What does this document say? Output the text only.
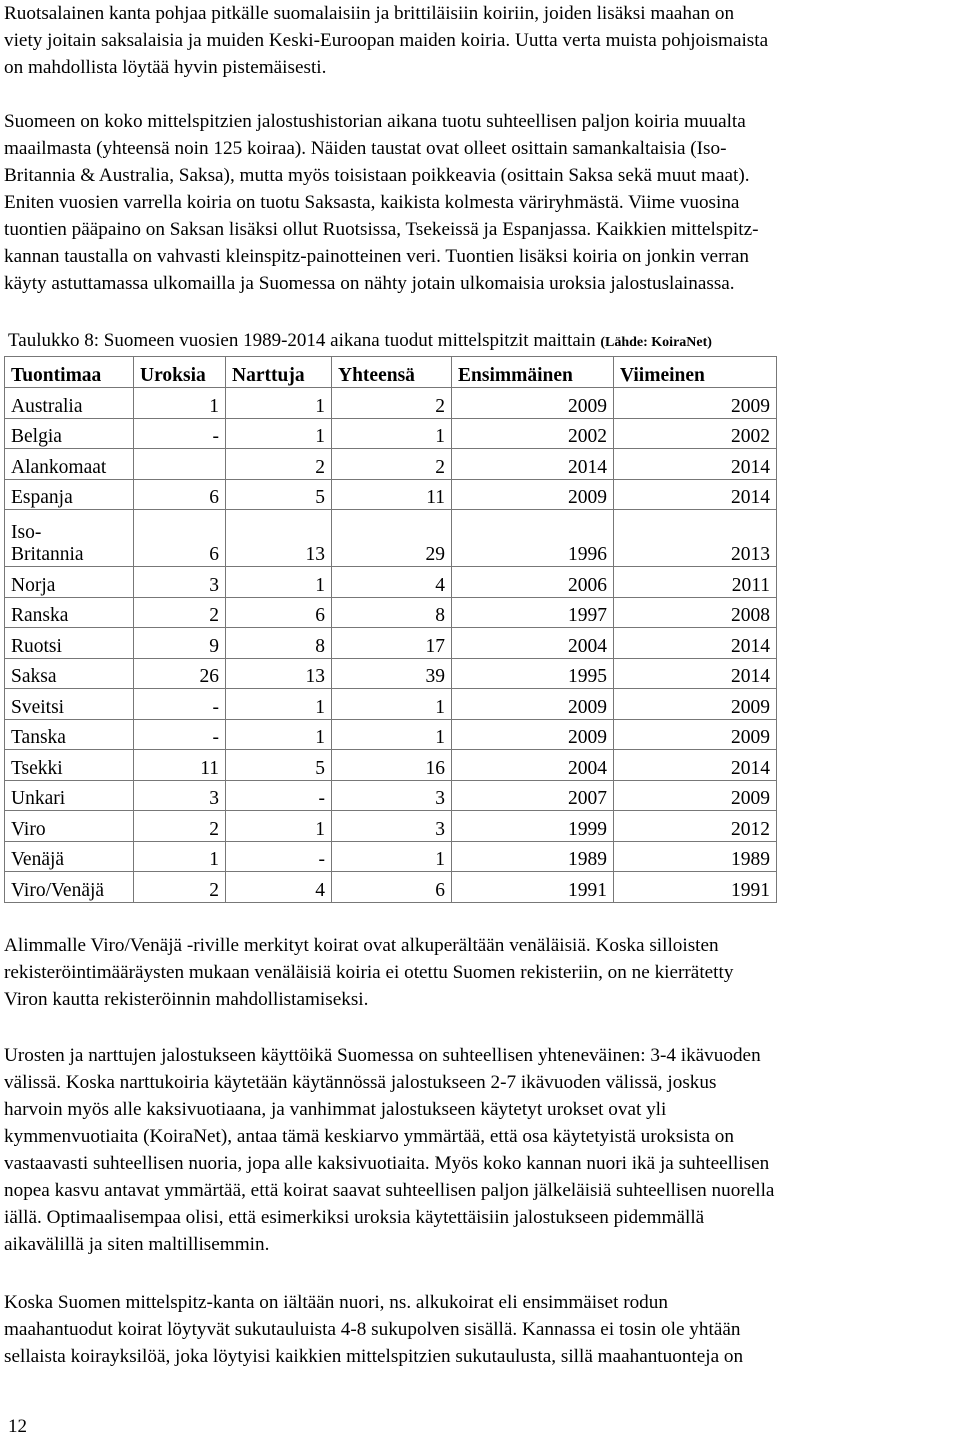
Ruotsalainen kanta pohjaa pitkälle suomalaisiin ja brittiläisiin koiriin, joiden lisäksi maahan on
viety joitain saksalaisia ja muiden Keski-Euroopan maiden koiria. Uutta verta muista pohjoismaista
on mahdollista löytää hyvin pistemäisesti.
Suomeen on koko mittelspitzien jalostushistorian aikana tuotu suhteellisen paljon koiria muualta
maailmasta (yhteensä noin 125 koiraa). Näiden taustat ovat olleet osittain samankaltaisia (Iso-
Britannia & Australia, Saksa), mutta myös toisistaan poikkeavia (osittain Saksa sekä muut maat).
Eniten vuosien varrella koiria on tuotu Saksasta, kaikista kolmesta väriryhmästä. Viime vuosina
tuontien pääpaino on Saksan lisäksi ollut Ruotsissa, Tsekeissä ja Espanjassa. Kaikkien mittelspitz-
kannan taustalla on vahvasti kleinspitz-painotteinen veri. Tuontien lisäksi koiria on jonkin verran
käyty astuttamassa ulkomailla ja Suomessa on nähty jotain ulkomaisia uroksia jalostuslainassa.

Taulukko 8: Suomeen vuosien 1989-2014 aikana tuodut mittelspitzit maittain (Lähde: KoiraNet)

Tuontimaa	Uroksia	Narttuja	Yhteensä	Ensimmäinen	Viimeinen
Australia	1	1	2	2009	2009
Belgia	-	1	1	2002	2002
Alankomaat		2	2	2014	2014
Espanja	6	5	11	2009	2014
Iso-
Britannia	6	13	29	1996	2013
Norja	3	1	4	2006	2011
Ranska	2	6	8	1997	2008
Ruotsi	9	8	17	2004	2014
Saksa	26	13	39	1995	2014
Sveitsi	-	1	1	2009	2009
Tanska	-	1	1	2009	2009
Tsekki	11	5	16	2004	2014
Unkari	3	-	3	2007	2009
Viro	2	1	3	1999	2012
Venäjä	1	-	1	1989	1989
Viro/Venäjä	2	4	6	1991	1991
Alimmalle Viro/Venäjä -riville merkityt koirat ovat alkuperältään venäläisiä. Koska silloisten
rekisteröintimääräysten mukaan venäläisiä koiria ei otettu Suomen rekisteriin, on ne kierrätetty
Viron kautta rekisteröinnin mahdollistamiseksi.
Urosten ja narttujen jalostukseen käyttöikä Suomessa on suhteellisen yhteneväinen: 3-4 ikävuoden
välissä. Koska narttukoiria käytetään käytännössä jalostukseen 2-7 ikävuoden välissä, joskus
harvoin myös alle kaksivuotiaana, ja vanhimmat jalostukseen käytetyt urokset ovat yli
kymmenvuotiaita (KoiraNet), antaa tämä keskiarvo ymmärtää, että osa käytetyistä uroksista on
vastaavasti suhteellisen nuoria, jopa alle kaksivuotiaita. Myös koko kannan nuori ikä ja suhteellisen
nopea kasvu antavat ymmärtää, että koirat saavat suhteellisen paljon jälkeläisiä suhteellisen nuorella
iällä. Optimaalisempaa olisi, että esimerkiksi uroksia käytettäisiin jalostukseen pidemmällä
aikavälillä ja siten maltillisemmin.
Koska Suomen mittelspitz-kanta on iältään nuori, ns. alkukoirat eli ensimmäiset rodun
maahantuodut koirat löytyvät sukutauluista 4-8 sukupolven sisällä. Kannassa ei tosin ole yhtään
sellaista koirayksilöä, joka löytyisi kaikkien mittelspitzien sukutaulusta, sillä maahantuonteja on

12
